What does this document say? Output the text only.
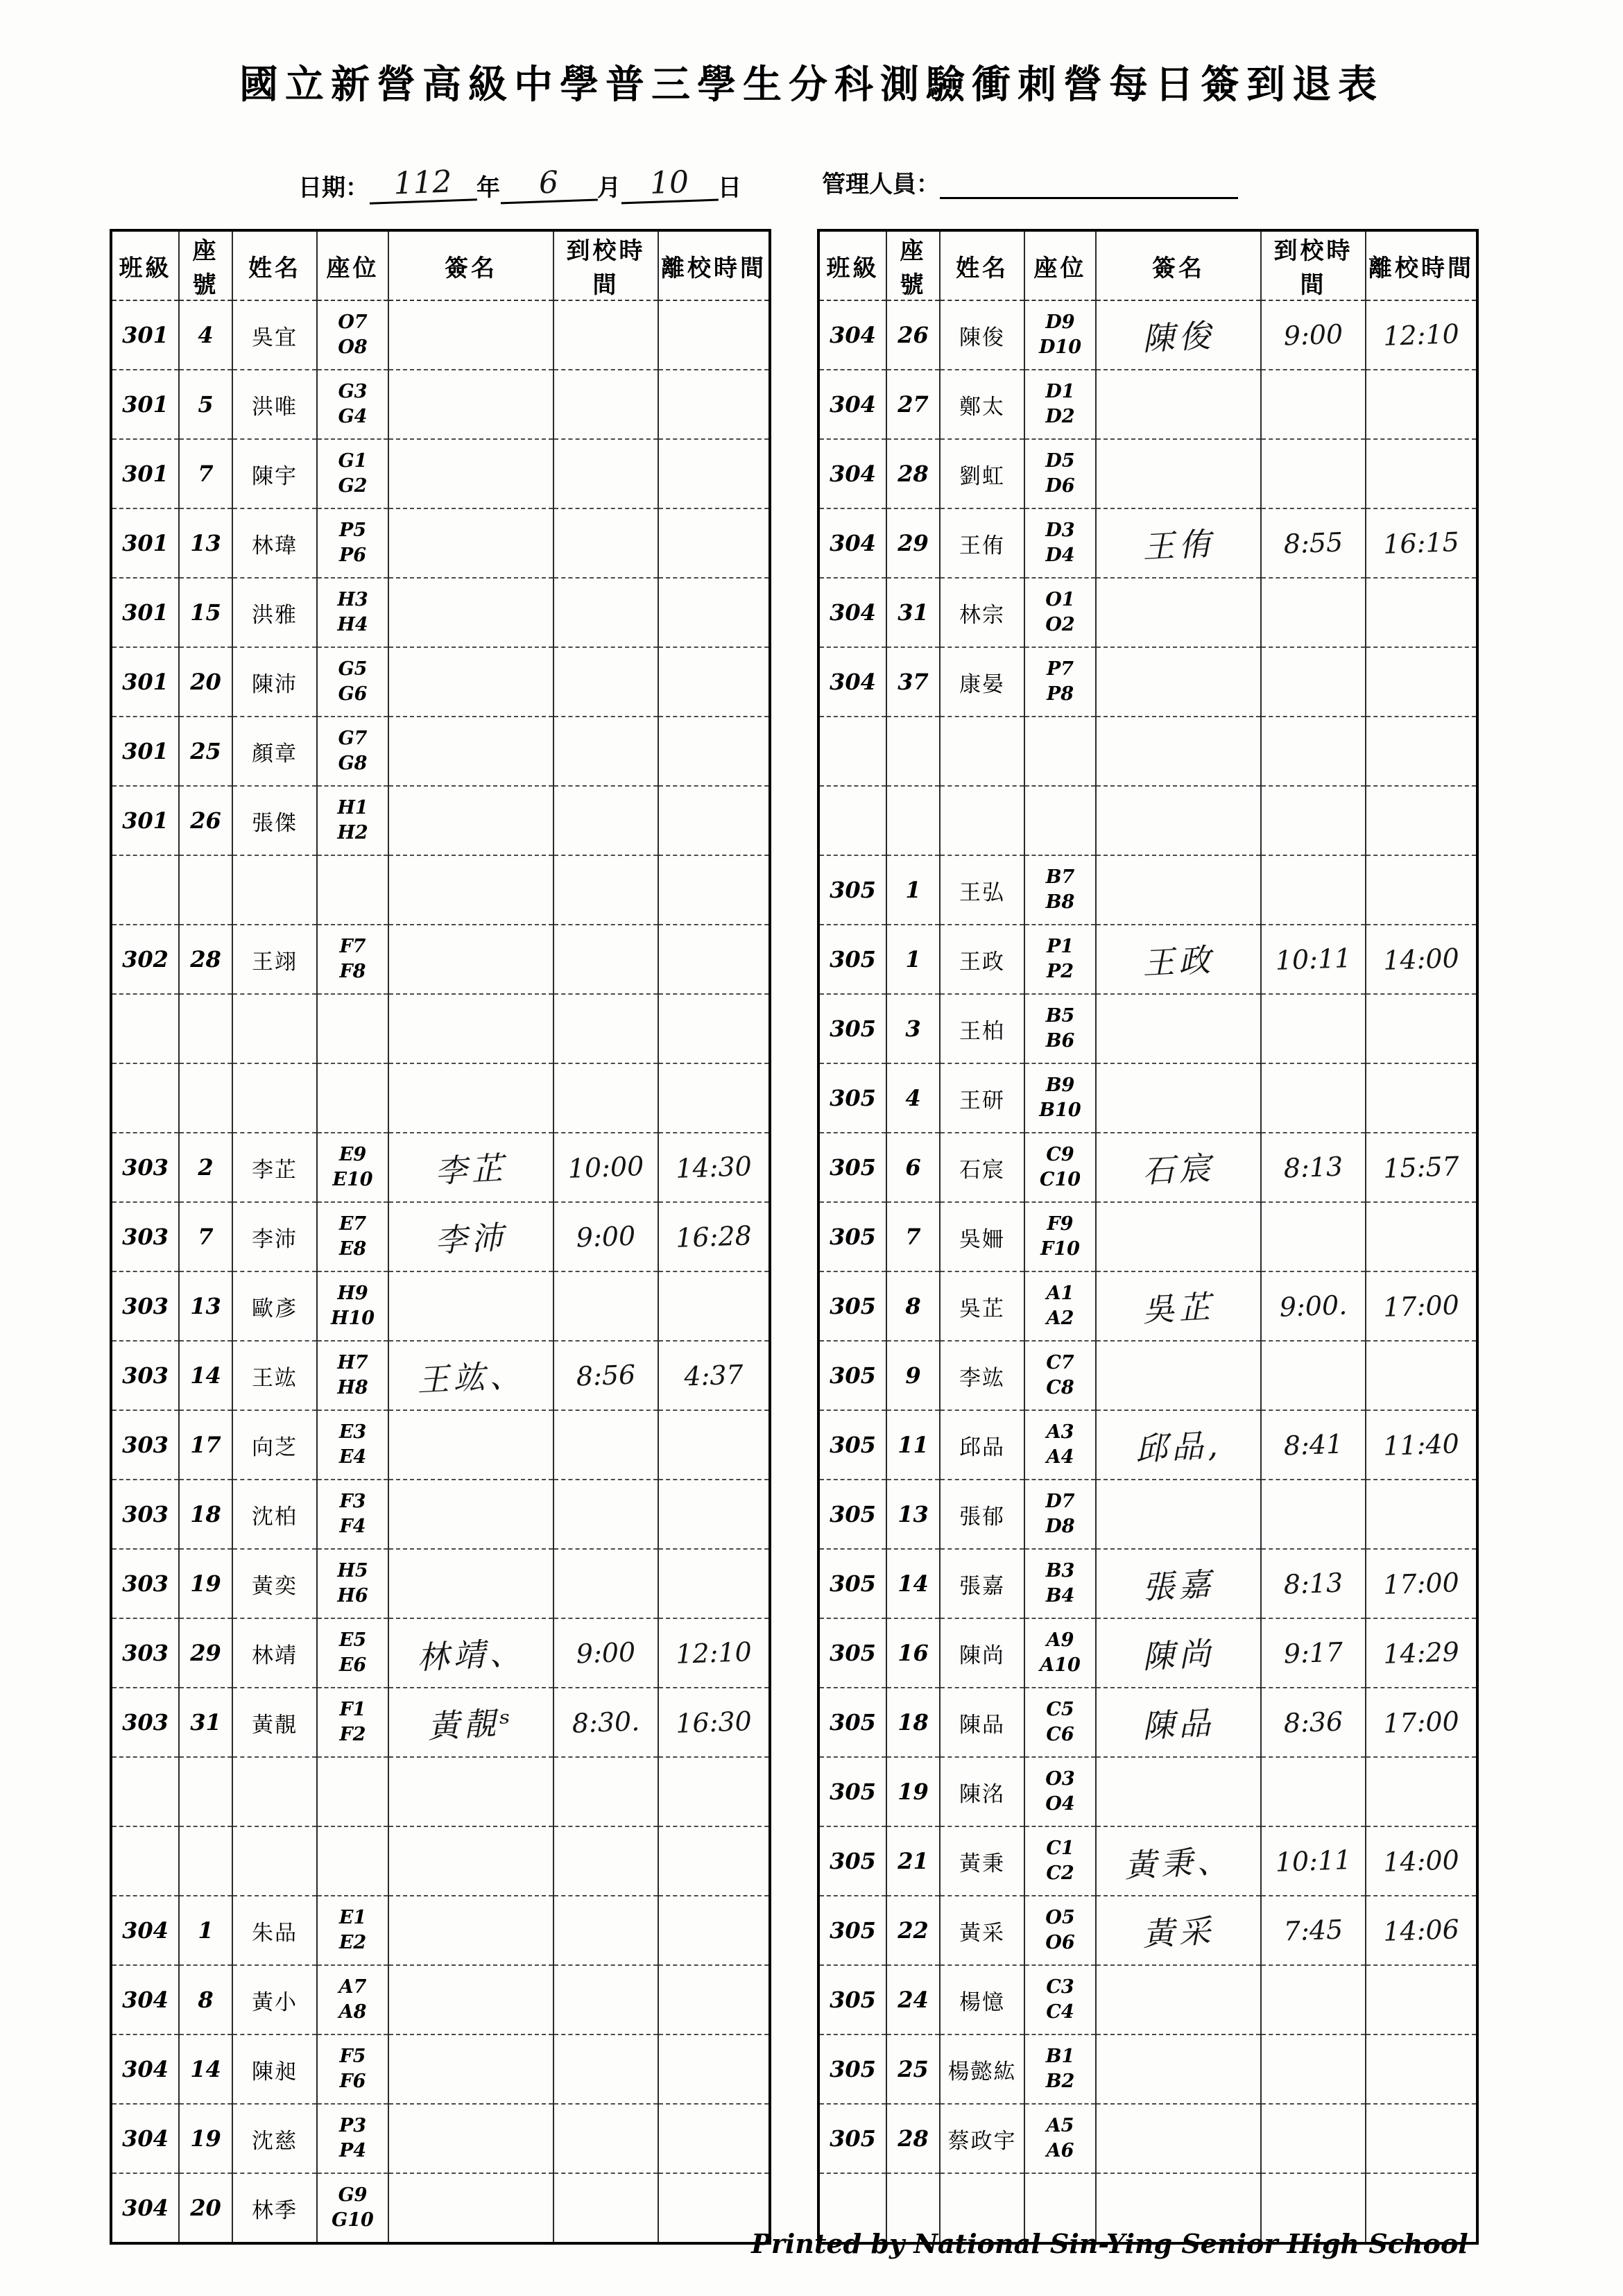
國立新營高級中學普三學生分科測驗衝刺營每日簽到退表
日期： 112	年	6	月 10	日	管理人員：
班級	座號	姓名	座位	簽名	到校時間	離校時間
301	4	吳宜	O7
O8			

301	5	洪唯	G3
G4			

301	7	陳宇	G1
G2			

301	13	林瑋	P5
P6			

301	15	洪雅	H3
H4			

301	20	陳沛	G5
G6			

301	25	顏章	G7
G8			

301	26	張傑	H1
H2			

302	28	王翊	F7
F8			

303	2	李芷	E9
E10	李芷	10:00	14:30
303	7	李沛	E7
E8	李沛	9:00	16:28
303	13	歐彥	H9
H10			

303	14	王竑	H7
H8	王竑、	8:56	4:37
303	17	向芝	E3
E4			

303	18	沈柏	F3
F4			

303	19	黃奕	H5
H6			

303	29	林靖	E5
E6	林靖、	9:00	12:10
303	31	黃靚	F1
F2	黃靚ˢ	8:30.	16:30

304	1	朱品	E1
E2			

304	8	黃小	A7
A8			

304	14	陳昶	F5
F6			

304	19	沈慈	P3
P4			

304	20	林季	G9
G10			

班級	座號	姓名	座位	簽名	到校時間	離校時間
304	26	陳俊	D9
D10	陳俊	9:00	12:10
304	27	鄭太	D1
D2			

304	28	劉虹	D5
D6			

304	29	王侑	D3
D4	王侑	8:55	16:15
304	31	林宗	O1
O2			

304	37	康晏	P7
P8			

305	1	王弘	B7
B8			

305	1	王政	P1
P2	王政	10:11	14:00
305	3	王柏	B5
B6			

305	4	王研	B9
B10			

305	6	石宸	C9
C10	石宸	8:13	15:57
305	7	吳姍	F9
F10			

305	8	吳芷	A1
A2	吳芷	9:00.	17:00
305	9	李竑	C7
C8			

305	11	邱品	A3
A4	邱品,	8:41	11:40
305	13	張郁	D7
D8			

305	14	張嘉	B3
B4	張嘉	8:13	17:00
305	16	陳尚	A9
A10	陳尚	9:17	14:29
305	18	陳品	C5
C6	陳品	8:36	17:00
305	19	陳洺	O3
O4			

305	21	黃秉	C1
C2	黃秉、	10:11	14:00
305	22	黃采	O5
O6	黃采	7:45	14:06
305	24	楊憶	C3
C4			

305	25	楊懿紘	B1
B2			

305	28	蔡政宇	A5
A6			

Printed by National Sin-Ying Senior High School
